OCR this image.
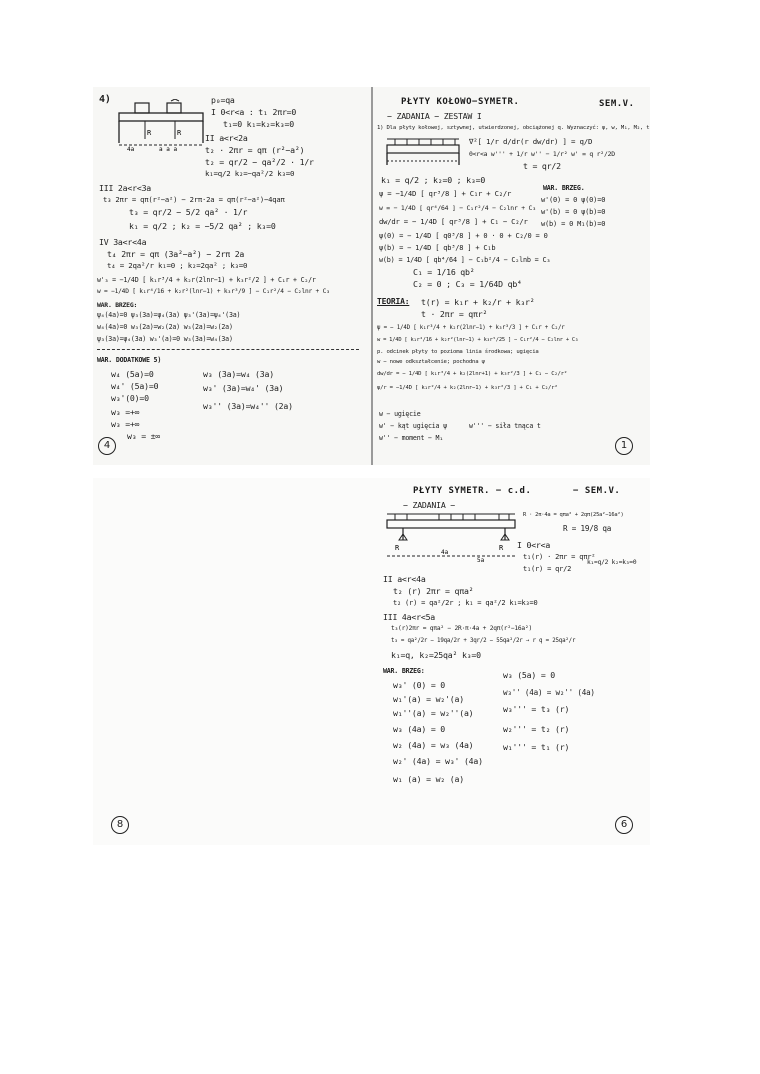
4)
R	R
4a	a a a
p₀=qa
I 0<r<a : t₁ 2πr=0
t₁=0 k₁=k₂=k₃=0
II a<r<2a
t₂ · 2πr = qπ (r²−a²)
t₂ = qr/2 − qa²/2 · 1/r
k₁=q/2 k₂=−qa²/2 k₃=0
III 2a<r<3a
t₃ 2πr = qπ(r²−a²) − 2rπ·2a = qπ(r²−a²)−4qaπ
t₃ = qr/2 − 5/2 qa² · 1/r
k₁ = q/2 ; k₂ = −5/2 qa² ; k₃=0
IV 3a<r<4a
t₄ 2πr = qπ (3a²−a²) − 2rπ 2a
t₄ = 2qa²/r k₁=0 ; k₂=2qa² ; k₃=0
w'₃ = −1/4D [ k₁r³/4 + k₂r(2lnr−1) + k₃r²/2 ] + C₁r + C₂/r
w = −1/4D [ k₁r⁴/16 + k₂r²(lnr−1) + k₃r³/9 ] − C₁r²/4 − C₂lnr + C₃
WAR. BRZEG:
ψ₄(4a)=0 ψ₃(3a)=ψ₄(3a) ψ₃'(3a)=ψ₄'(3a)
w₄(4a)=0 w₃(2a)=w₂(2a) w₃(2a)=w₂(2a)
ψ₃(3a)=ψ₄(3a) w₃'(a)=0 w₃(3a)=w₄(3a)
WAR. DODATKOWE 5)
w₄ (5a)=0
w₄' (5a)=0
w₃'(0)=0
w₃ =+∞
w₃ =+∞
w₃ = ±∞
w₃ (3a)=w₄ (3a)
w₃' (3a)=w₄' (3a)
w₃'' (3a)=w₄'' (2a)
4
PŁYTY KOŁOWO−SYMETR.	SEM.V.
− ZADANIA − ZESTAW I
1) Dla płyty kołowej, sztywnej, utwierdzonej, obciążonej q. Wyznaczyć: ψ, w, M₁, M₂, t
∇²[ 1/r d/dr(r dw/dr) ] = q/D
0<r<a w''' + 1/r w'' − 1/r² w' = q r²/2D
t = qr/2
k₁ = q/2 ; k₂=0 ; k₃=0
WAR. BRZEG.
w'(0) = 0 ψ(0)=0
w'(b) = 0 ψ(b)=0
w(b) = 0 M₁(b)=0
ψ = −1/4D [ qr³/8 ] + C₁r + C₂/r
w = − 1/4D [ qr⁴/64 ] − C₁r²/4 − C₂lnr + C₃
dw/dr = − 1/4D [ qr³/8 ] + C₁ − C₂/r
ψ(0) = − 1/4D [ q0³/8 ] + 0 · 0 + C₂/0 = 0
ψ(b) = − 1/4D [ qb³/8 ] + C₁b
w(b) = 1/4D [ qb⁴/64 ] − C₁b²/4 − C₂lnb = C₃
C₁ = 1/16 qb²
C₂ = 0 ; C₃ = 1/64D qb⁴
TEORIA: t(r) = k₁r + k₂/r + k₃r²
t · 2πr = qπr²
ψ = − 1/4D [ k₁r³/4 + k₂r(2lnr−1) + k₃r³/3 ] + C₁r + C₂/r
w = 1/4D [ k₁r⁴/16 + k₂r²(lnr−1) + k₃r⁵/25 ] − C₁r²/4 − C₂lnr + C₃
p. odcinek płyty to pozioma linia środkowa; ugięcia
w − nowe odkształcenie; pochodna ψ
dw/dr = − 1/4D [ k₁r³/4 + k₂(2lnr+1) + k₃r²/3 ] + C₁ − C₂/r²
ψ/r = −1/4D [ k₁r²/4 + k₂(2lnr−1) + k₃r²/3 ] + C₁ + C₂/r²
w − ugięcie
w' − kąt ugięcia ψ
w'' − moment − M₁
w''' − siła tnąca t
1
8
PŁYTY SYMETR. − c.d.	− SEM.V.
− ZADANIA −
R	R
4a
5a
R · 2π·4a = qπa² + 2qπ(25a²−16a²)
R = 19/8 qa
I 0<r<a
t₁(r) · 2πr = qπr²
t₁(r) = qr/2
k₁=q/2 k₂=k₃=0
II a<r<4a
t₂ (r) 2πr = qπa²
t₂ (r) = qa²/2r ; k₁ = qa²/2 k₁=k₃=0
III 4a<r<5a
t₃(r)2πr = qπa² − 2R·π·4a + 2qπ(r²−16a²)
t₃ = qa²/2r − 19qa/2r + 3qr/2 − 55qa²/2r → r q = 25qa²/r
k₁=q, k₂=25qa² k₃=0
WAR. BRZEG:
w₃' (0) = 0
w₁'(a) = w₂'(a)
w₁''(a) = w₂''(a)
w₃ (4a) = 0
w₂ (4a) = w₃ (4a)
w₂' (4a) = w₃' (4a)
w₁ (a) = w₂ (a)
w₃ (5a) = 0
w₃'' (4a) = w₂'' (4a)
w₃''' = t₃ (r)
w₂''' = t₂ (r)
w₁''' = t₁ (r)
6
